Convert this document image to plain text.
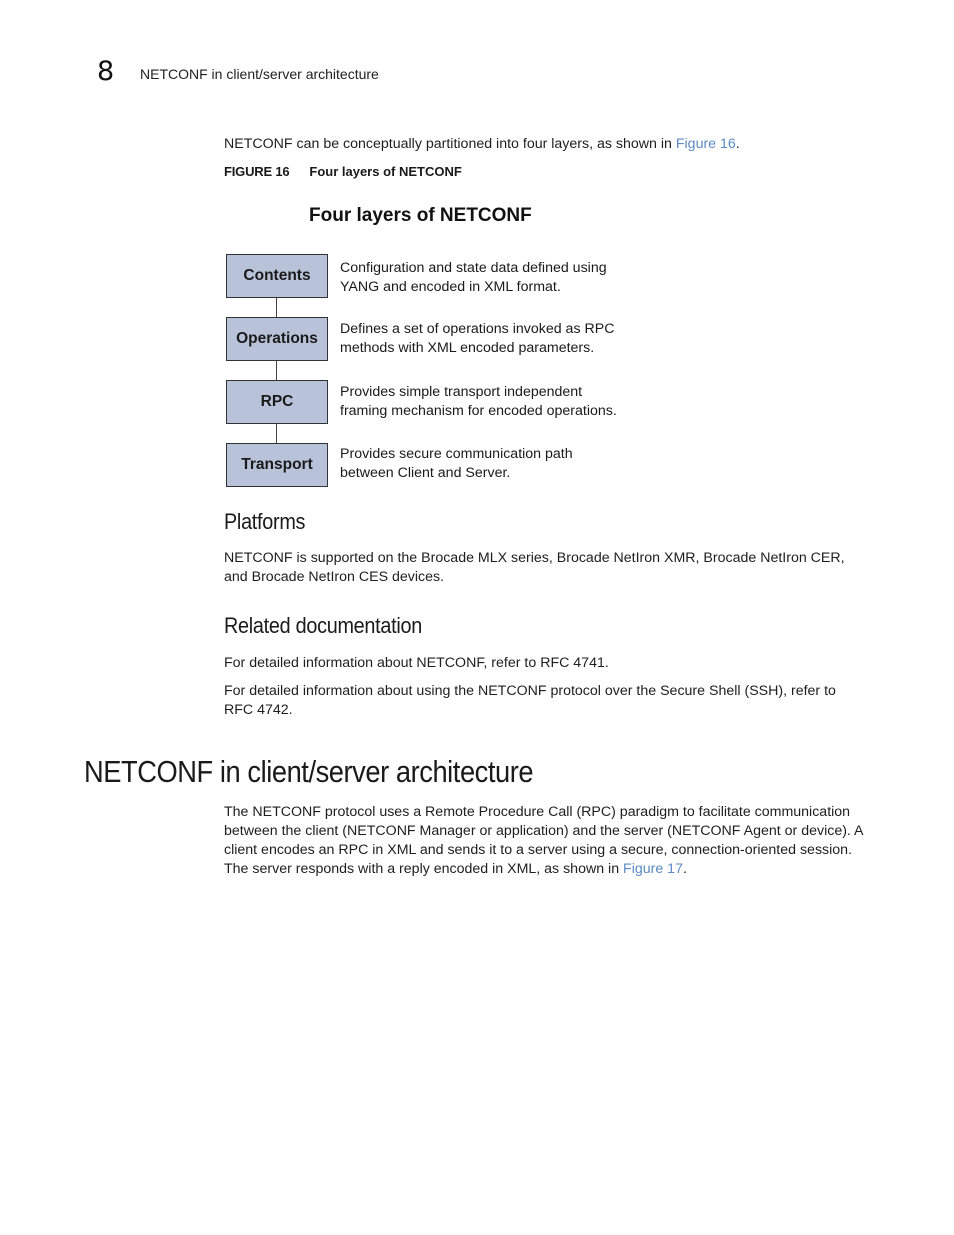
8 NETCONF in client/server architecture
NETCONF can be conceptually partitioned into four layers, as shown in Figure 16.
FIGURE 16 Four layers of NETCONF
Four layers of NETCONF
Contents
Operations
RPC
Transport
Configuration and state data defined using
YANG and encoded in XML format.
Defines a set of operations invoked as RPC
methods with XML encoded parameters.
Provides simple transport independent
framing mechanism for encoded operations.
Provides secure communication path
between Client and Server.
Platforms
NETCONF is supported on the Brocade MLX series, Brocade NetIron XMR, Brocade NetIron CER, and Brocade NetIron CES devices.
Related documentation
For detailed information about NETCONF, refer to RFC 4741.
For detailed information about using the NETCONF protocol over the Secure Shell (SSH), refer to RFC 4742.
NETCONF in client/server architecture
The NETCONF protocol uses a Remote Procedure Call (RPC) paradigm to facilitate communication between the client (NETCONF Manager or application) and the server (NETCONF Agent or device). A client encodes an RPC in XML and sends it to a server using a secure, connection-oriented session. The server responds with a reply encoded in XML, as shown in Figure 17.
